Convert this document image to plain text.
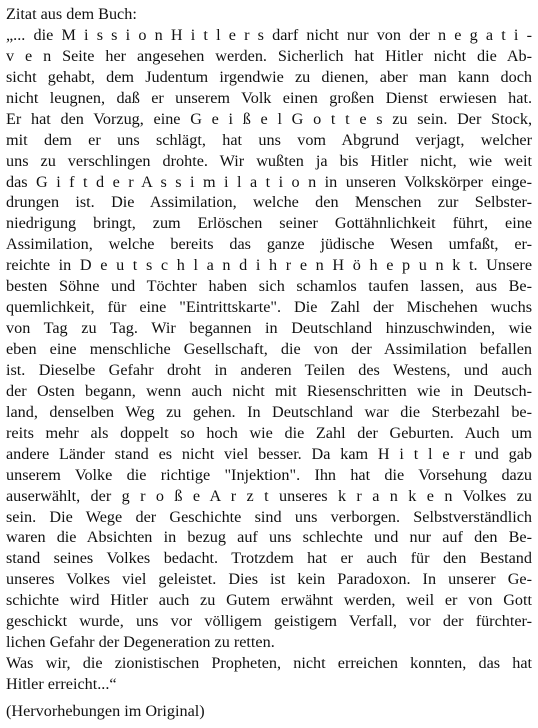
Zitat aus dem Buch:
„... die M i s s i o n H i t l e r s darf nicht nur von der n e g a t i -
v e n Seite her angesehen werden. Sicherlich hat Hitler nicht die Ab-
sicht gehabt, dem Judentum irgendwie zu dienen, aber man kann doch
nicht leugnen, daß er unserem Volk einen großen Dienst erwiesen hat.
Er hat den Vorzug, eine G e i ß e l G o t t e s zu sein. Der Stock,
mit dem er uns schlägt, hat uns vom Abgrund verjagt, welcher
uns zu verschlingen drohte. Wir wußten ja bis Hitler nicht, wie weit
das G i f t d e r A s s i m i l a t i o n in unseren Volkskörper einge-
drungen ist. Die Assimilation, welche den Menschen zur Selbster-
niedrigung bringt, zum Erlöschen seiner Gottähnlichkeit führt, eine
Assimilation, welche bereits das ganze jüdische Wesen umfaßt, er-
reichte in D e u t s c h l a n d i h r e n H ö h e p u n k t. Unsere
besten Söhne und Töchter haben sich schamlos taufen lassen, aus Be-
quemlichkeit, für eine "Eintrittskarte". Die Zahl der Mischehen wuchs
von Tag zu Tag. Wir begannen in Deutschland hinzuschwinden, wie
eben eine menschliche Gesellschaft, die von der Assimilation befallen
ist. Dieselbe Gefahr droht in anderen Teilen des Westens, und auch
der Osten begann, wenn auch nicht mit Riesenschritten wie in Deutsch-
land, denselben Weg zu gehen. In Deutschland war die Sterbezahl be-
reits mehr als doppelt so hoch wie die Zahl der Geburten. Auch um
andere Länder stand es nicht viel besser. Da kam H i t l e r und gab
unserem Volke die richtige "Injektion". Ihn hat die Vorsehung dazu
auserwählt, der g r o ß e A r z t unseres k r a n k e n Volkes zu
sein. Die Wege der Geschichte sind uns verborgen. Selbstverständlich
waren die Absichten in bezug auf uns schlechte und nur auf den Be-
stand seines Volkes bedacht. Trotzdem hat er auch für den Bestand
unseres Volkes viel geleistet. Dies ist kein Paradoxon. In unserer Ge-
schichte wird Hitler auch zu Gutem erwähnt werden, weil er von Gott
geschickt wurde, uns vor völligem geistigem Verfall, vor der fürchter-
lichen Gefahr der Degeneration zu retten.
Was wir, die zionistischen Propheten, nicht erreichen konnten, das hat
Hitler erreicht...“
(Hervorhebungen im Original)
